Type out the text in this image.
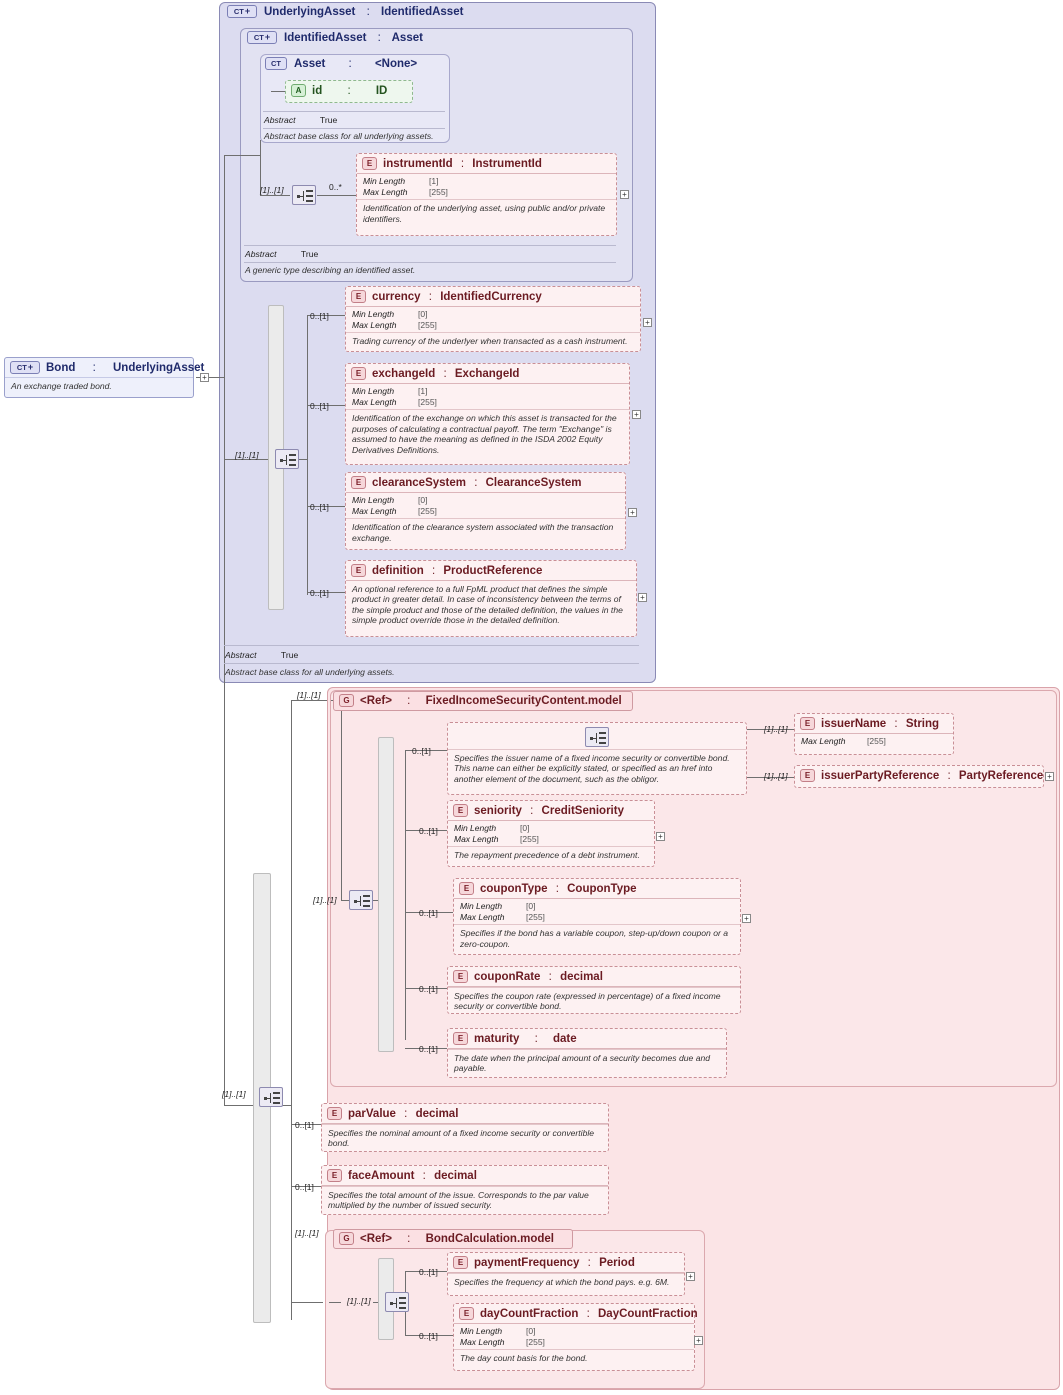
CT + Bond : UnderlyingAsset
An exchange traded bond.
+
CT + UnderlyingAsset : IdentifiedAsset
Abstract	True
Abstract base class for all underlying assets.
CT + IdentifiedAsset : Asset
Abstract	True
A generic type describing an identified asset.
CT Asset : <None>
Abstract	True
Abstract base class for all underlying assets.
A id : ID
[1]..[1]	0..*
E instrumentId : InstrumentId
Min Length	[1]
Max Length	[255]
Identification of the underlying asset, using public and/or private identifiers.
+
[1]..[1]
0..[1]
E currency : IdentifiedCurrency
Min Length	[0]
Max Length	[255]
Trading currency of the underlyer when transacted as a cash instrument.
+
0..[1]
E exchangeId : ExchangeId
Min Length	[1]
Max Length	[255]
Identification of the exchange on which this asset is transacted for the purposes of calculating a contractual payoff. The term "Exchange" is assumed to have the meaning as defined in the ISDA 2002 Equity Derivatives Definitions.
+
0..[1]
E clearanceSystem : ClearanceSystem
Min Length	[0]
Max Length	[255]
Identification of the clearance system associated with the transaction exchange.
+
0..[1]
E definition : ProductReference
An optional reference to a full FpML product that defines the simple product in greater detail. In case of inconsistency between the terms of the simple product and those of the detailed definition, the values in the simple product override those in the detailed definition.
+
[1]..[1]
G <Ref> : FixedIncomeSecurityContent.model
[1]..[1]
0..[1]
Specifies the issuer name of a fixed income security or convertible bond. This name can either be explicitly stated, or specified as an href into another element of the document, such as the obligor.
[1]..[1]
E issuerName : String
Max Length	[255]
[1]..[1] E issuerPartyReference : PartyReference +
0..[1]
E seniority : CreditSeniority
Min Length	[0]
Max Length	[255]
The repayment precedence of a debt instrument.
+
0..[1]
E couponType : CouponType
Min Length	[0]
Max Length	[255]
Specifies if the bond has a variable coupon, step-up/down coupon or a zero-coupon.
+
0..[1]
E couponRate : decimal
Specifies the coupon rate (expressed in percentage) of a fixed income security or convertible bond.
0..[1]
E maturity : date
The date when the principal amount of a security becomes due and payable.
[1]..[1]
0..[1]
E parValue : decimal
Specifies the nominal amount of a fixed income security or convertible bond.
0..[1]
E faceAmount : decimal
Specifies the total amount of the issue. Corresponds to the par value multiplied by the number of issued security.
[1]..[1]
G <Ref> : BondCalculation.model
[1]..[1]
0..[1]
E paymentFrequency : Period
Specifies the frequency at which the bond pays. e.g. 6M.
+
0..[1]
E dayCountFraction : DayCountFraction
Min Length	[0]
Max Length	[255]
The day count basis for the bond.
+
